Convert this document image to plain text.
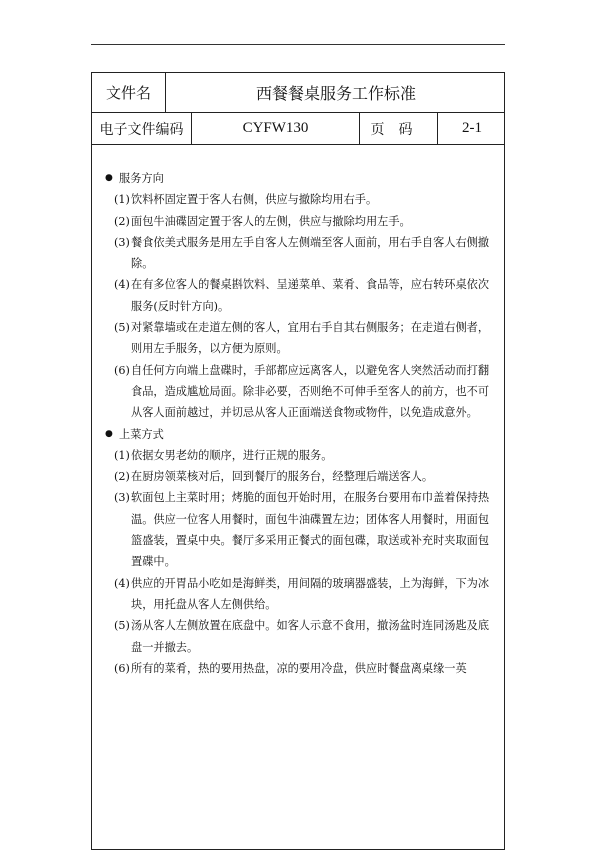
文件名	西餐餐桌服务工作标准
电子文件编码	CYFW130	页码	2-1
● 服务方向
(1) 饮料杯固定置于客人右侧，供应与撤除均用右手。
(2) 面包牛油碟固定置于客人的左侧，供应与撤除均用左手。
(3) 餐食依美式服务是用左手自客人左侧端至客人面前，用右手自客人右侧撤除。
(4) 在有多位客人的餐桌斟饮料、呈递菜单、菜肴、食品等，应右转环桌依次服务(反时针方向)。
(5) 对紧靠墙或在走道左侧的客人，宜用右手自其右侧服务；在走道右侧者，则用左手服务，以方便为原则。
(6) 自任何方向端上盘碟时，手部都应远离客人，以避免客人突然活动而打翻食品，造成尴尬局面。除非必要，否则绝不可伸手至客人的前方，也不可从客人面前越过，并切忌从客人正面端送食物或物件，以免造成意外。
● 上菜方式
(1) 依据女男老幼的顺序，进行正规的服务。
(2) 在厨房领菜核对后，回到餐厅的服务台，经整理后端送客人。
(3) 软面包上主菜时用；烤脆的面包开始时用，在服务台要用布巾盖着保持热温。供应一位客人用餐时，面包牛油碟置左边；团体客人用餐时，用面包篮盛装，置桌中央。餐厅多采用正餐式的面包碟，取送或补充时夹取面包置碟中。
(4) 供应的开胃品小吃如是海鲜类，用间隔的玻璃器盛装，上为海鲜，下为冰块，用托盘从客人左侧供给。
(5) 汤从客人左侧放置在底盘中。如客人示意不食用，撤汤盆时连同汤匙及底盘一并撤去。
(6) 所有的菜肴，热的要用热盘，凉的要用冷盘，供应时餐盘离桌缘一英
